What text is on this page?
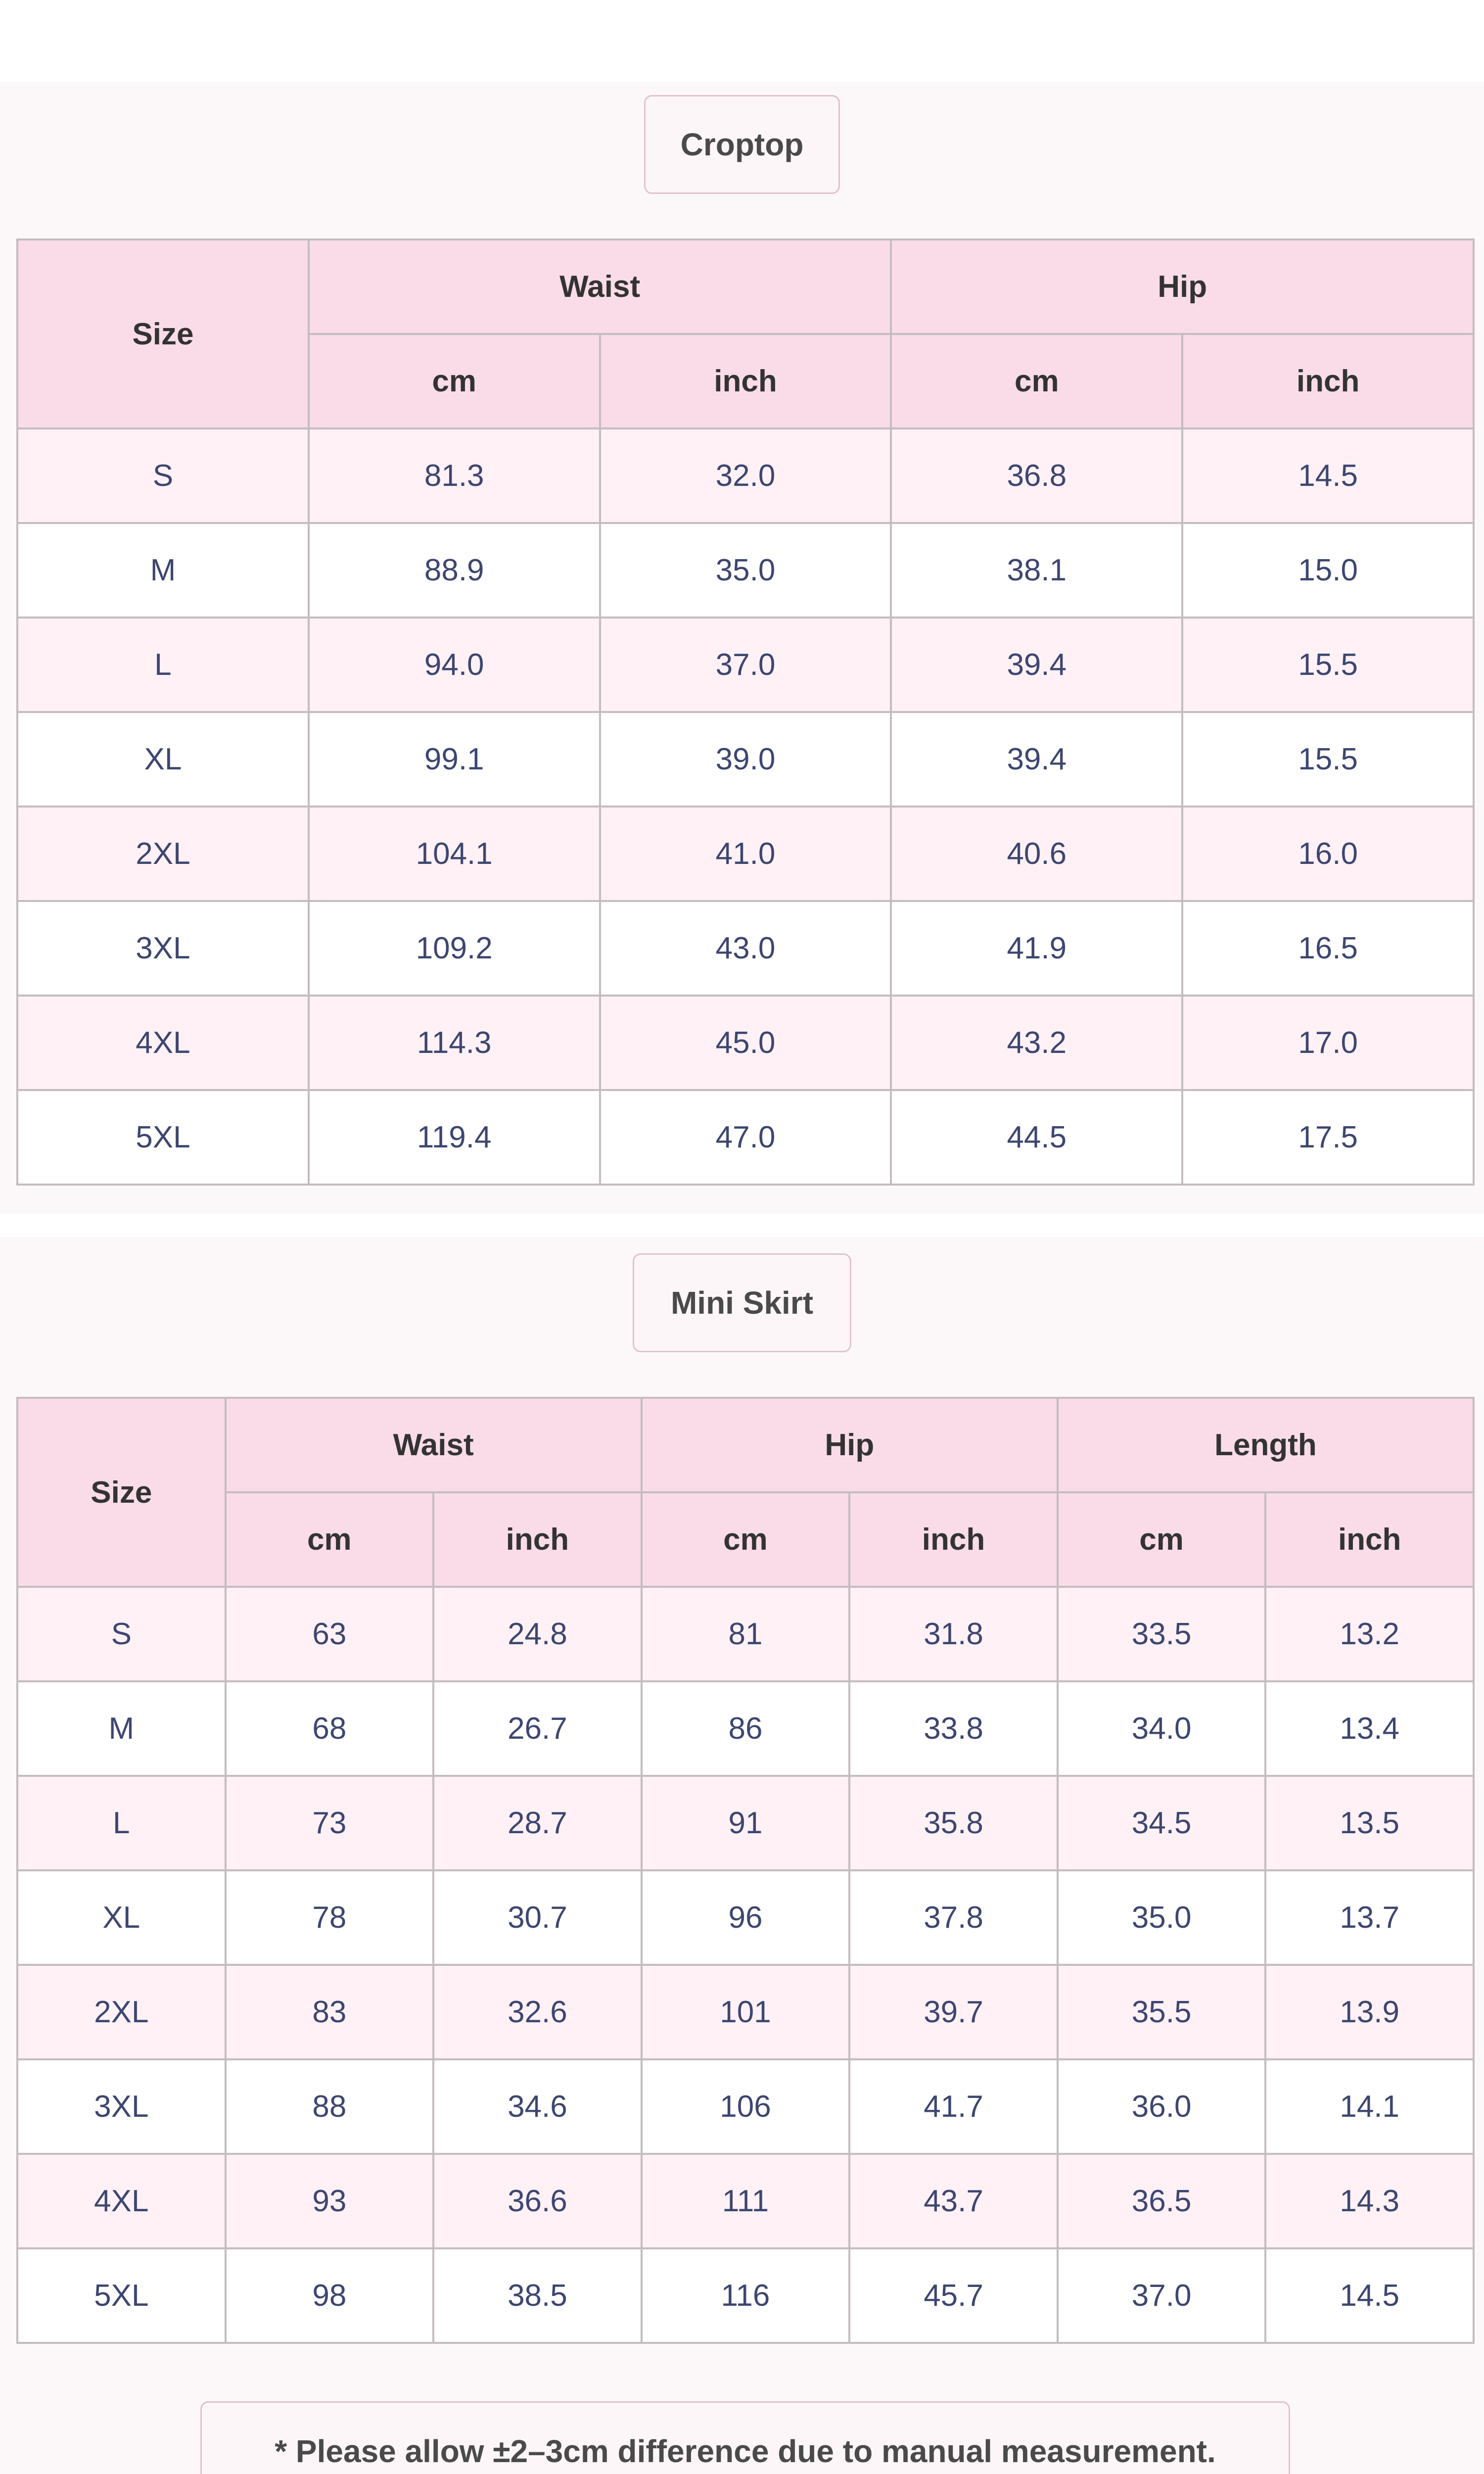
Croptop
Size	Waist		Hip	
	cm	inch	cm	inch
S	81.3	32.0	36.8	14.5
M	88.9	35.0	38.1	15.0
L	94.0	37.0	39.4	15.5
XL	99.1	39.0	39.4	15.5
2XL	104.1	41.0	40.6	16.0
3XL	109.2	43.0	41.9	16.5
4XL	114.3	45.0	43.2	17.0
5XL	119.4	47.0	44.5	17.5
Mini Skirt
Size	Waist		Hip		Length	
	cm	inch	cm	inch	cm	inch
S	63	24.8	81	31.8	33.5	13.2
M	68	26.7	86	33.8	34.0	13.4
L	73	28.7	91	35.8	34.5	13.5
XL	78	30.7	96	37.8	35.0	13.7
2XL	83	32.6	101	39.7	35.5	13.9
3XL	88	34.6	106	41.7	36.0	14.1
4XL	93	36.6	111	43.7	36.5	14.3
5XL	98	38.5	116	45.7	37.0	14.5
* Please allow ±2–3cm difference due to manual measurement.
